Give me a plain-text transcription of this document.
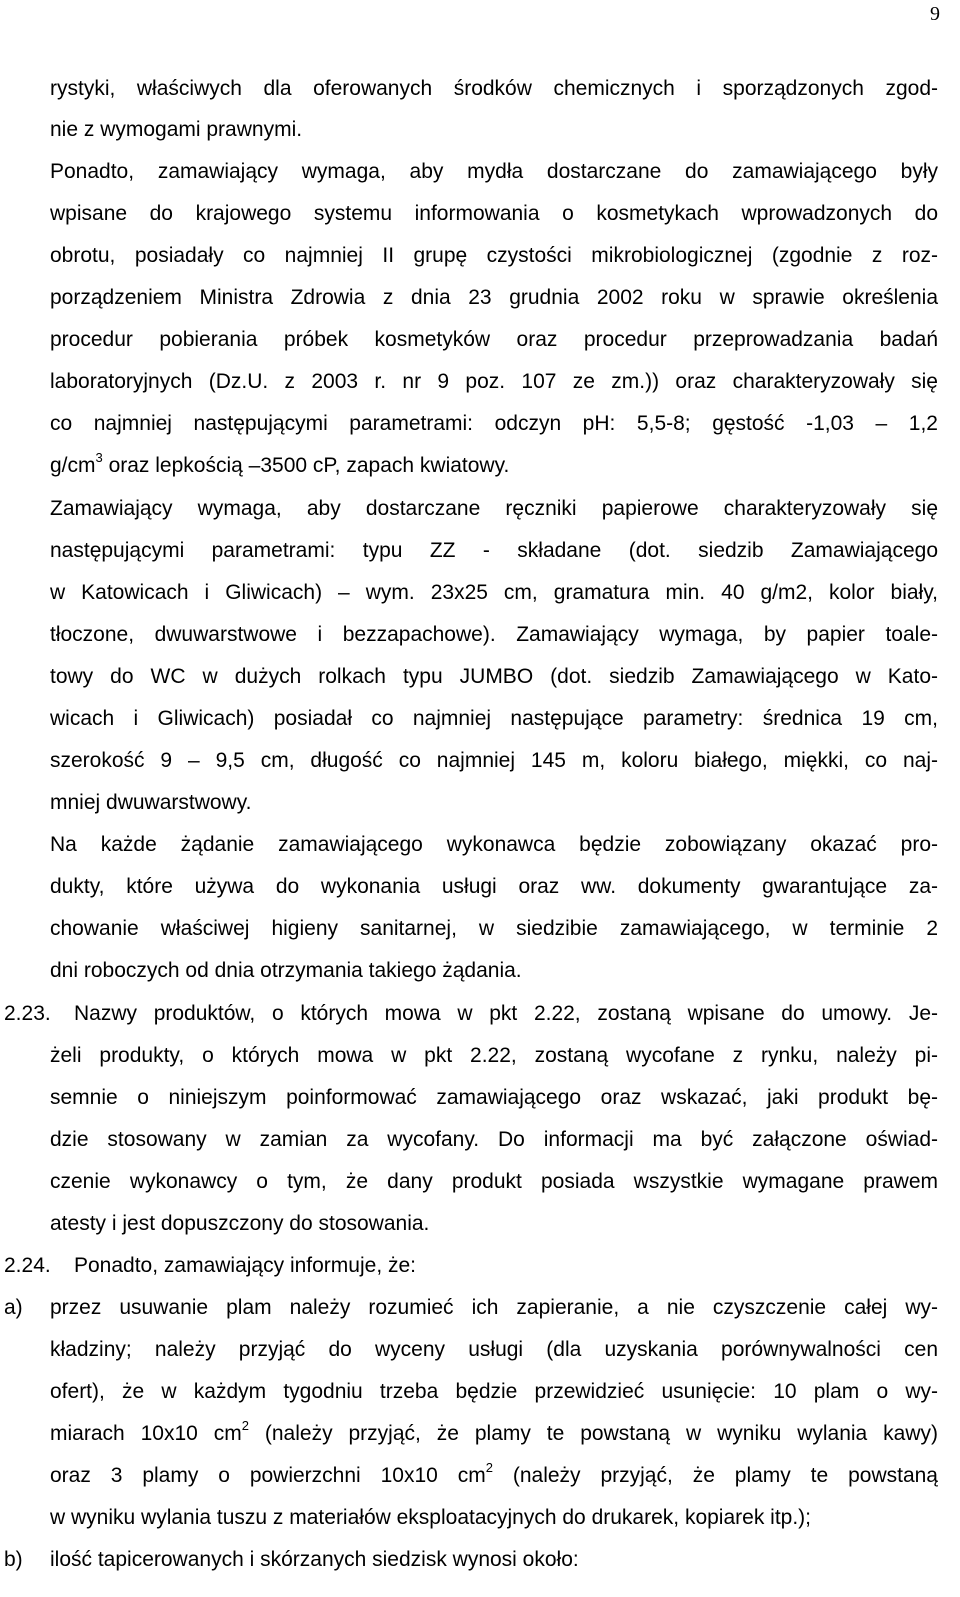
9
rystyki, właściwych dla oferowanych środków chemicznych i sporządzonych zgod-
nie z wymogami prawnymi.
Ponadto, zamawiający wymaga, aby mydła dostarczane do zamawiającego były
wpisane do krajowego systemu informowania o kosmetykach wprowadzonych do
obrotu, posiadały co najmniej II grupę czystości mikrobiologicznej (zgodnie z roz-
porządzeniem Ministra Zdrowia z dnia 23 grudnia 2002 roku w sprawie określenia
procedur pobierania próbek kosmetyków oraz procedur przeprowadzania badań
laboratoryjnych (Dz.U. z 2003 r. nr 9 poz. 107 ze zm.)) oraz charakteryzowały się
co najmniej następującymi parametrami: odczyn pH: 5,5-8; gęstość -1,03 – 1,2
$g/cm^3$ oraz lepkością –3500 cP, zapach kwiatowy.
Zamawiający wymaga, aby dostarczane ręczniki papierowe charakteryzowały się
następującymi parametrami: typu ZZ - składane (dot. siedzib Zamawiającego
w Katowicach i Gliwicach) – wym. 23x25 cm, gramatura min. 40 g/m2, kolor biały,
tłoczone, dwuwarstwowe i bezzapachowe). Zamawiający wymaga, by papier toale-
towy do WC w dużych rolkach typu JUMBO (dot. siedzib Zamawiającego w Kato-
wicach i Gliwicach) posiadał co najmniej następujące parametry: średnica 19 cm,
szerokość 9 – 9,5 cm, długość co najmniej 145 m, koloru białego, miękki, co naj-
mniej dwuwarstwowy.
Na każde żądanie zamawiającego wykonawca będzie zobowiązany okazać pro-
dukty, które używa do wykonania usługi oraz ww. dokumenty gwarantujące za-
chowanie właściwej higieny sanitarnej, w siedzibie zamawiającego, w terminie 2
dni roboczych od dnia otrzymania takiego żądania.
2.23. Nazwy produktów, o których mowa w pkt 2.22, zostaną wpisane do umowy. Je-
żeli produkty, o których mowa w pkt 2.22, zostaną wycofane z rynku, należy pi-
semnie o niniejszym poinformować zamawiającego oraz wskazać, jaki produkt bę-
dzie stosowany w zamian za wycofany. Do informacji ma być załączone oświad-
czenie wykonawcy o tym, że dany produkt posiada wszystkie wymagane prawem
atesty i jest dopuszczony do stosowania.
2.24. Ponadto, zamawiający informuje, że:
a) przez usuwanie plam należy rozumieć ich zapieranie, a nie czyszczenie całej wy-
kładziny; należy przyjąć do wyceny usługi (dla uzyskania porównywalności cen
ofert), że w każdym tygodniu trzeba będzie przewidzieć usunięcie: 10 plam o wy-
miarach 10x10 $cm^2$ (należy przyjąć, że plamy te powstaną w wyniku wylania kawy)
oraz 3 plamy o powierzchni 10x10 $cm^2$ (należy przyjąć, że plamy te powstaną
w wyniku wylania tuszu z materiałów eksploatacyjnych do drukarek, kopiarek itp.);
b) ilość tapicerowanych i skórzanych siedzisk wynosi około:
